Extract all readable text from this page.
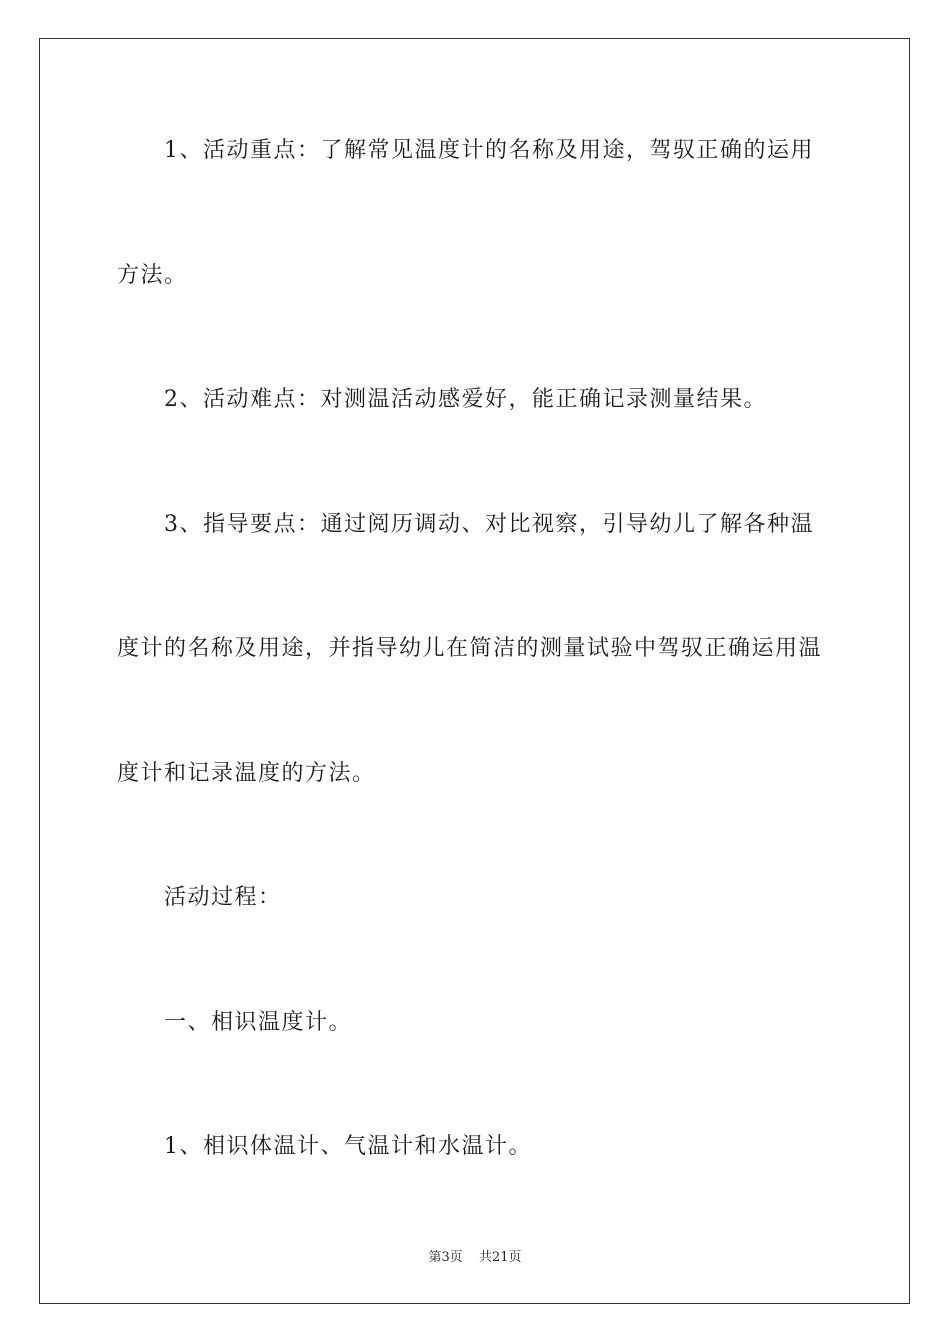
1、活动重点：了解常见温度计的名称及用途，驾驭正确的运用
方法。
2、活动难点：对测温活动感爱好，能正确记录测量结果。
3、指导要点：通过阅历调动、对比视察，引导幼儿了解各种温
度计的名称及用途，并指导幼儿在简洁的测量试验中驾驭正确运用温
度计和记录温度的方法。
活动过程：
一、相识温度计。
1、相识体温计、气温计和水温计。
第3页 共21页
